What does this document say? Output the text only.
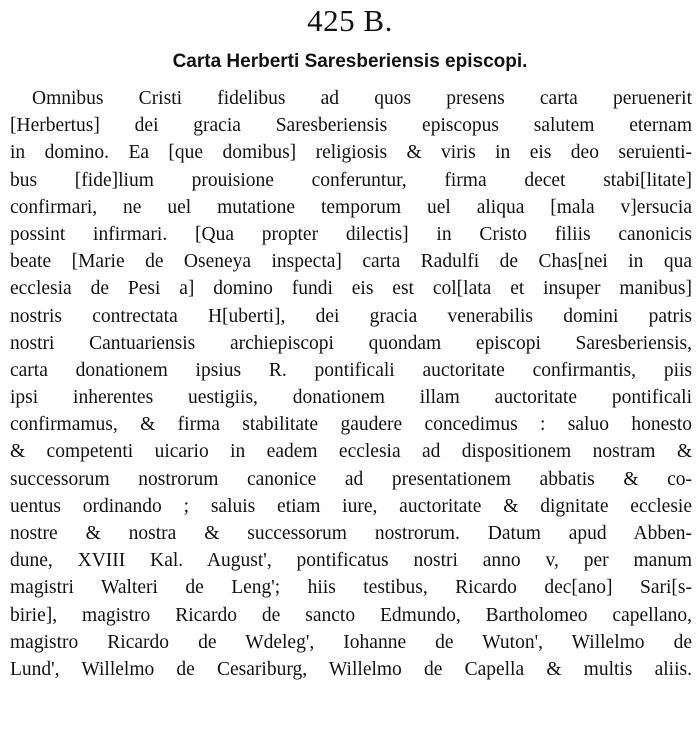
425 B.
Carta Herberti Saresberiensis episcopi.
Omnibus Cristi fidelibus ad quos presens carta peruenerit
[Herbertus] dei gracia Saresberiensis episcopus salutem eternam
in domino. Ea [que domibus] religiosis & viris in eis deo seruienti-
bus [fide]lium prouisione conferuntur, firma decet stabi[litate]
confirmari, ne uel mutatione temporum uel aliqua [mala v]ersucia
possint infirmari. [Qua propter dilectis] in Cristo filiis canonicis
beate [Marie de Oseneya inspecta] carta Radulfi de Chas[nei in qua
ecclesia de Pesi a] domino fundi eis est col[lata et insuper manibus]
nostris contrectata H[uberti], dei gracia venerabilis domini patris
nostri Cantuariensis archiepiscopi quondam episcopi Saresberiensis,
carta donationem ipsius R. pontificali auctoritate confirmantis, piis
ipsi inherentes uestigiis, donationem illam auctoritate pontificali
confirmamus, & firma stabilitate gaudere concedimus : saluo honesto
& competenti uicario in eadem ecclesia ad dispositionem nostram &
successorum nostrorum canonice ad presentationem abbatis & co-
uentus ordinando ; saluis etiam iure, auctoritate & dignitate ecclesie
nostre & nostra & successorum nostrorum. Datum apud Abben-
dune, XVIII Kal. August', pontificatus nostri anno v, per manum
magistri Walteri de Leng'; hiis testibus, Ricardo dec[ano] Sari[s-
birie], magistro Ricardo de sancto Edmundo, Bartholomeo capellano,
magistro Ricardo de Wdeleg', Iohanne de Wuton', Willelmo de
Lund', Willelmo de Cesariburg, Willelmo de Capella & multis aliis.
